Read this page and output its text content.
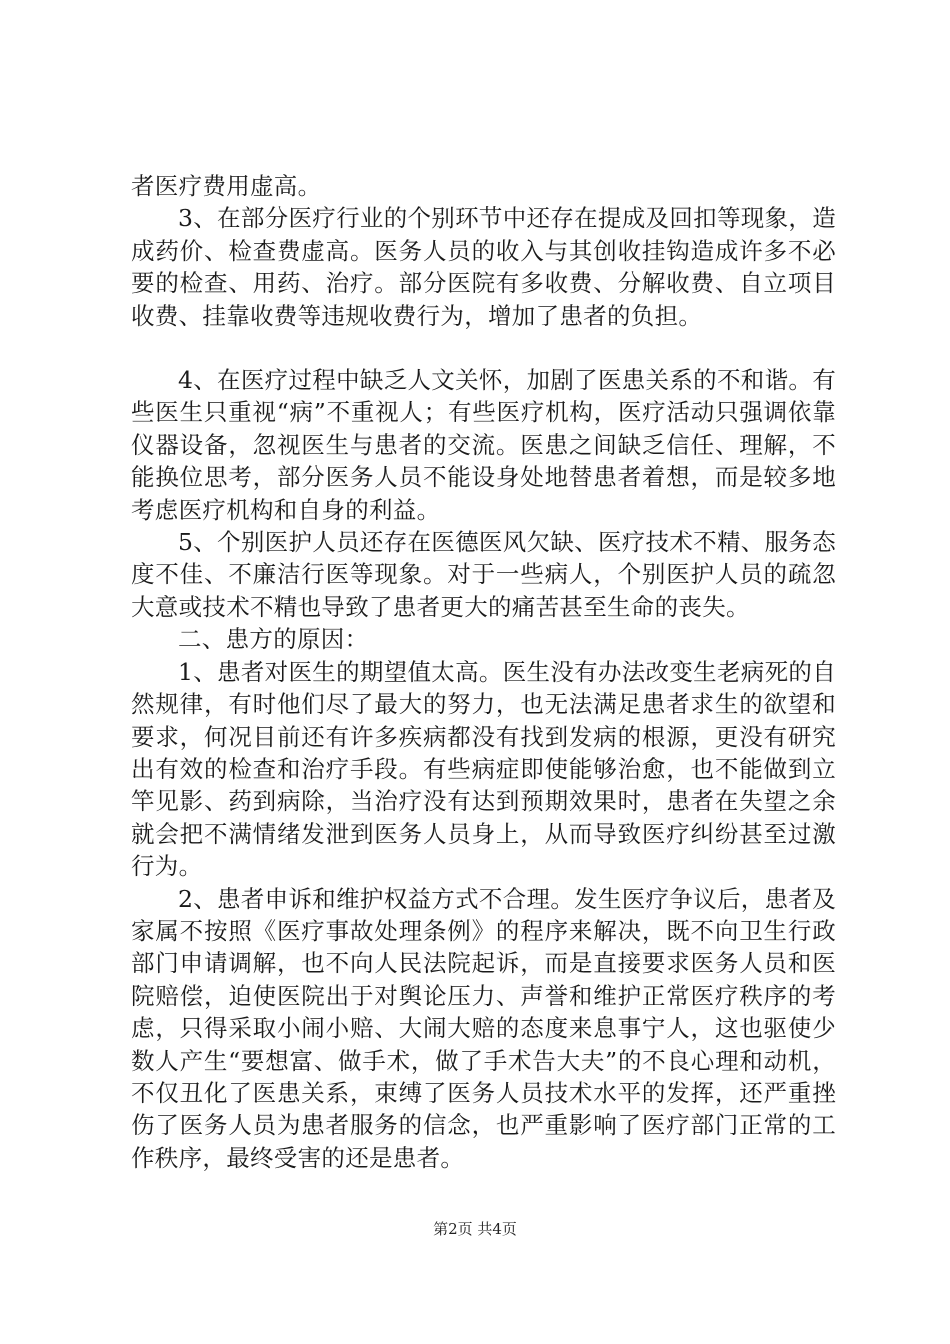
者医疗费用虚高。

3、在部分医疗行业的个别环节中还存在提成及回扣等现象，造成药价、检查费虚高。医务人员的收入与其创收挂钩造成许多不必要的检查、用药、治疗。部分医院有多收费、分解收费、自立项目收费、挂靠收费等违规收费行为，增加了患者的负担。

4、在医疗过程中缺乏人文关怀，加剧了医患关系的不和谐。有些医生只重视“病”不重视人；有些医疗机构，医疗活动只强调依靠仪器设备，忽视医生与患者的交流。医患之间缺乏信任、理解，不能换位思考，部分医务人员不能设身处地替患者着想，而是较多地考虑医疗机构和自身的利益。

5、个别医护人员还存在医德医风欠缺、医疗技术不精、服务态度不佳、不廉洁行医等现象。对于一些病人，个别医护人员的疏忽大意或技术不精也导致了患者更大的痛苦甚至生命的丧失。

二、患方的原因：

1、患者对医生的期望值太高。医生没有办法改变生老病死的自然规律，有时他们尽了最大的努力，也无法满足患者求生的欲望和要求，何况目前还有许多疾病都没有找到发病的根源，更没有研究出有效的检查和治疗手段。有些病症即使能够治愈，也不能做到立竿见影、药到病除，当治疗没有达到预期效果时，患者在失望之余就会把不满情绪发泄到医务人员身上，从而导致医疗纠纷甚至过激行为。

2、患者申诉和维护权益方式不合理。发生医疗争议后，患者及家属不按照《医疗事故处理条例》的程序来解决，既不向卫生行政部门申请调解，也不向人民法院起诉，而是直接要求医务人员和医院赔偿，迫使医院出于对舆论压力、声誉和维护正常医疗秩序的考虑，只得采取小闹小赔、大闹大赔的态度来息事宁人，这也驱使少数人产生“要想富、做手术，做了手术告大夫”的不良心理和动机，不仅丑化了医患关系，束缚了医务人员技术水平的发挥，还严重挫伤了医务人员为患者服务的信念，也严重影响了医疗部门正常的工作秩序，最终受害的还是患者。

第2页 共4页
